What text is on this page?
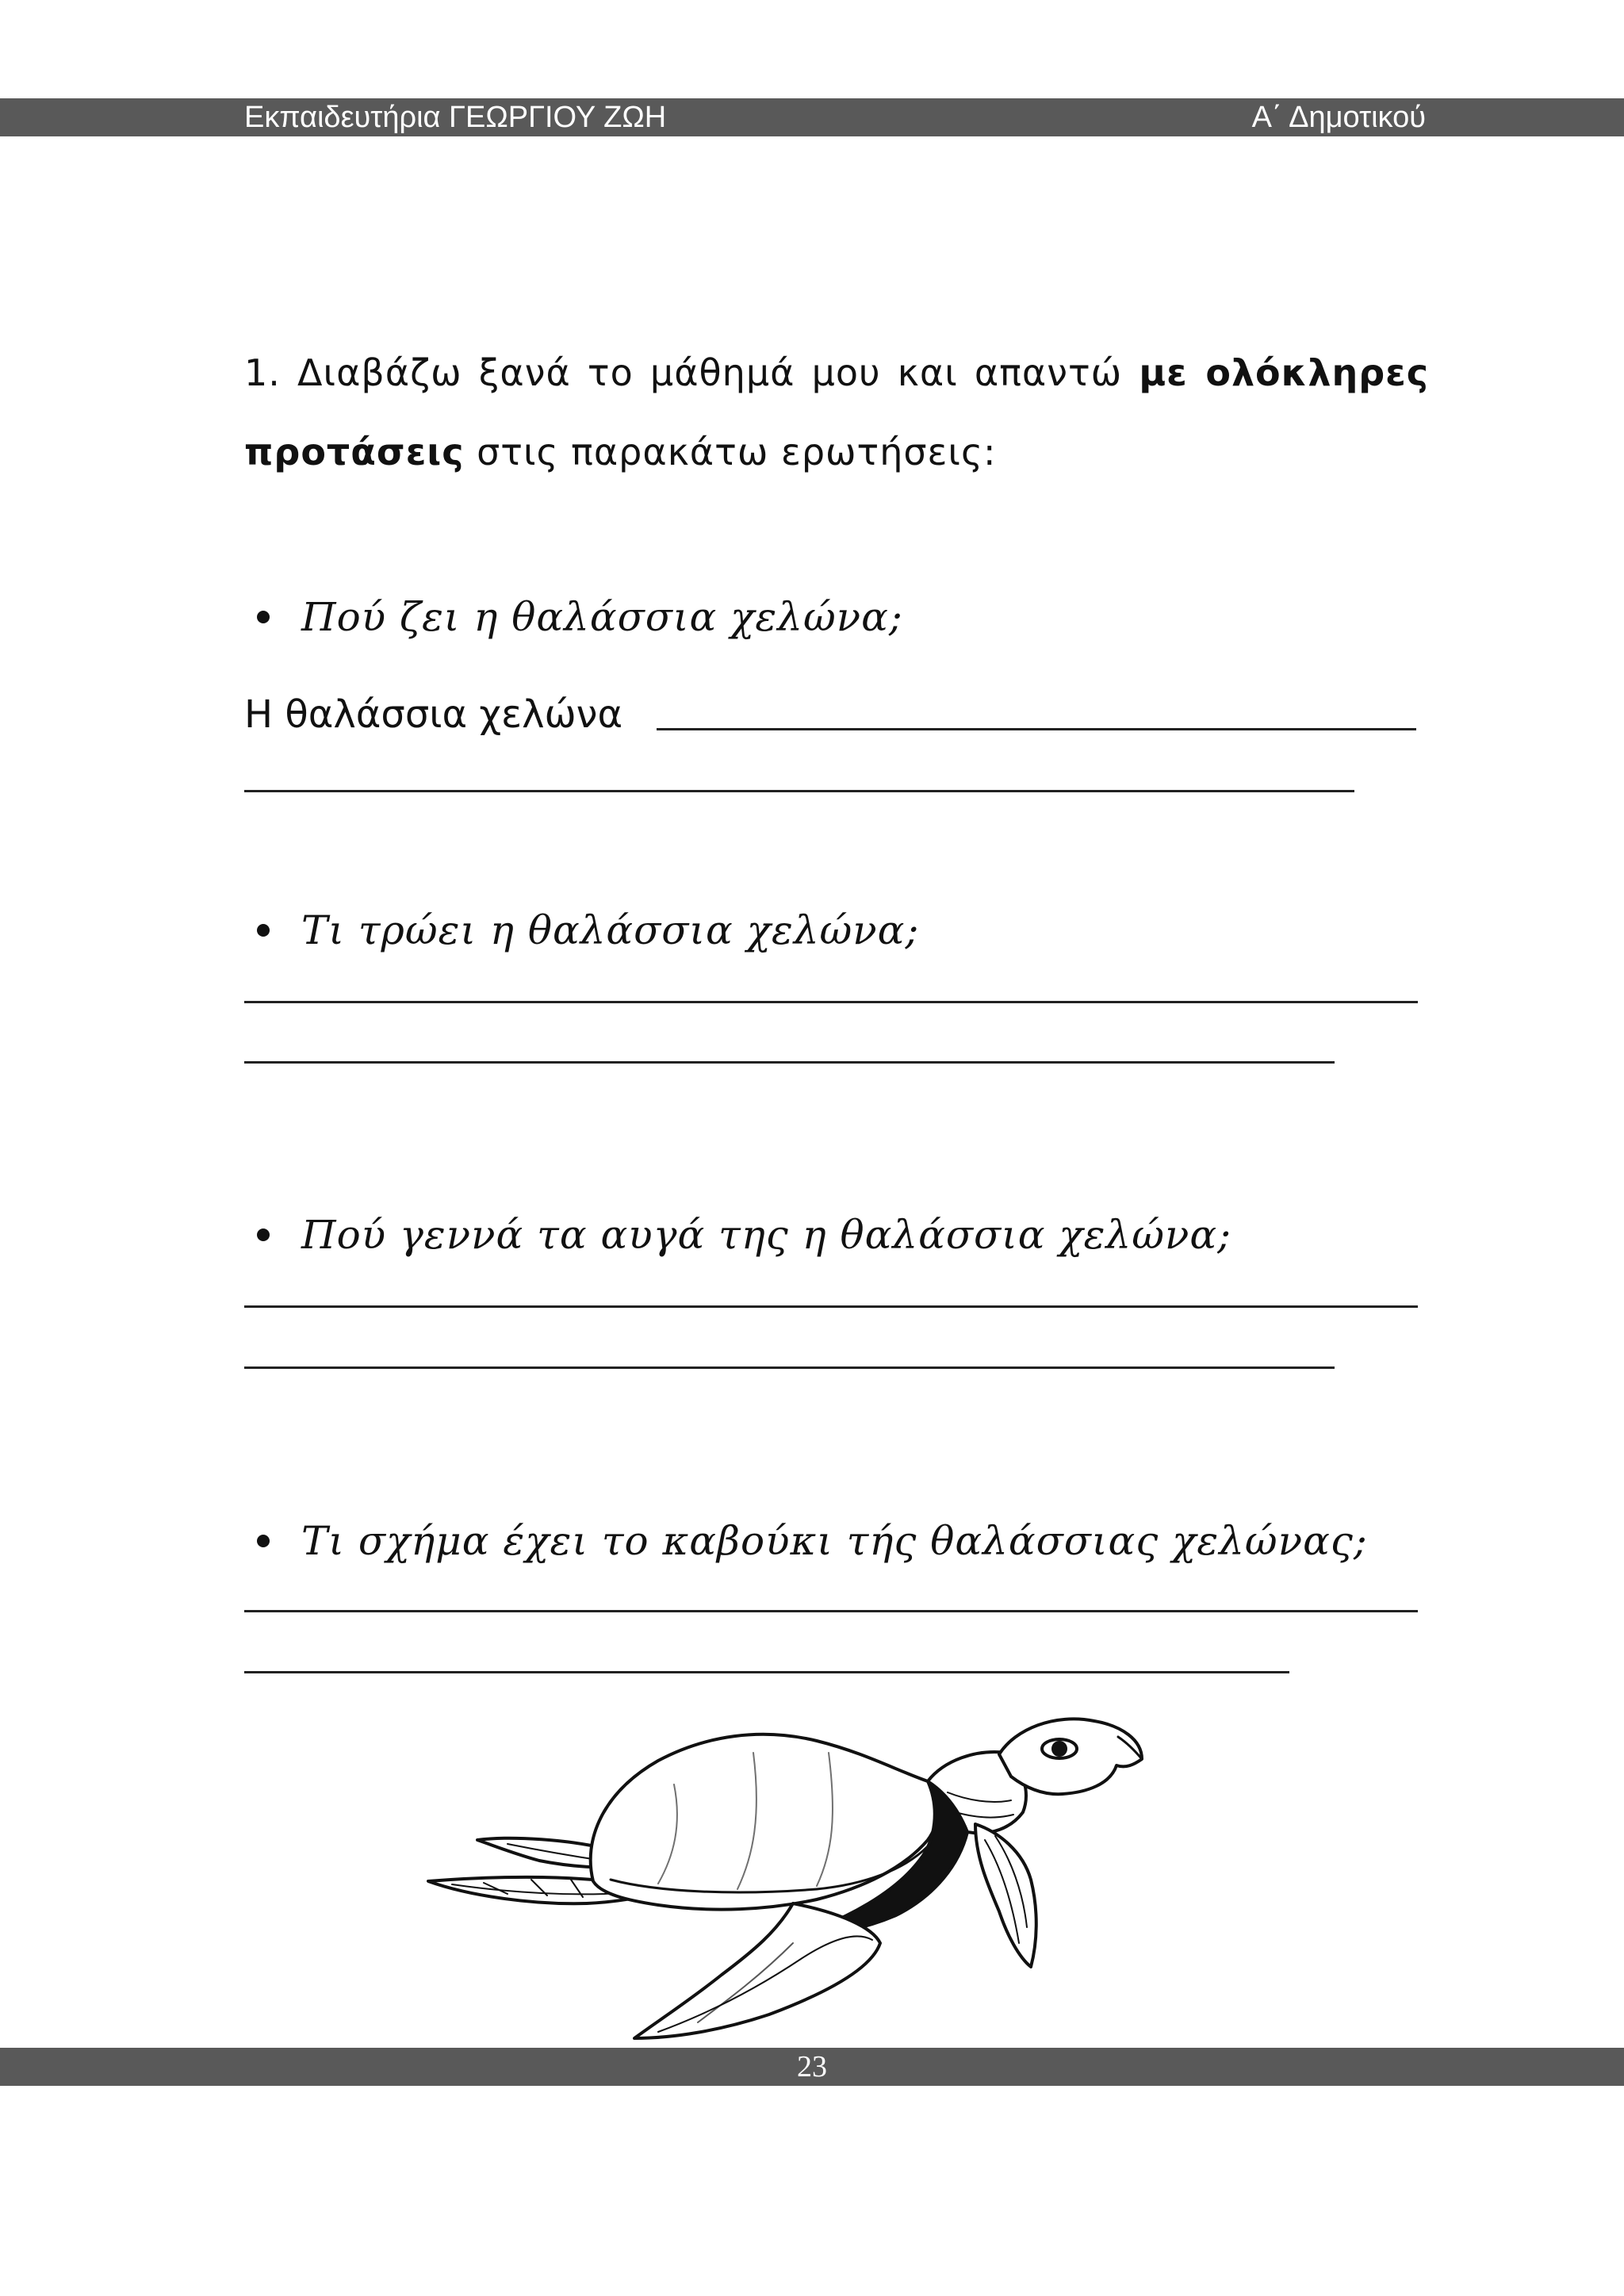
Εκπαιδευτήρια ΓΕΩΡΓΙΟΥ ΖΩΗ	Α΄ Δημοτικού
1. Διαβάζω ξανά το μάθημά μου και απαντώ με ολόκληρες προτάσεις στις παρακάτω ερωτήσεις:
Πού ζει η θαλάσσια χελώνα;
Η θαλάσσια χελώνα
Τι τρώει η θαλάσσια χελώνα;
Πού γεννά τα αυγά της η θαλάσσια χελώνα;
Τι σχήμα έχει το καβούκι τής θαλάσσιας χελώνας;
23
